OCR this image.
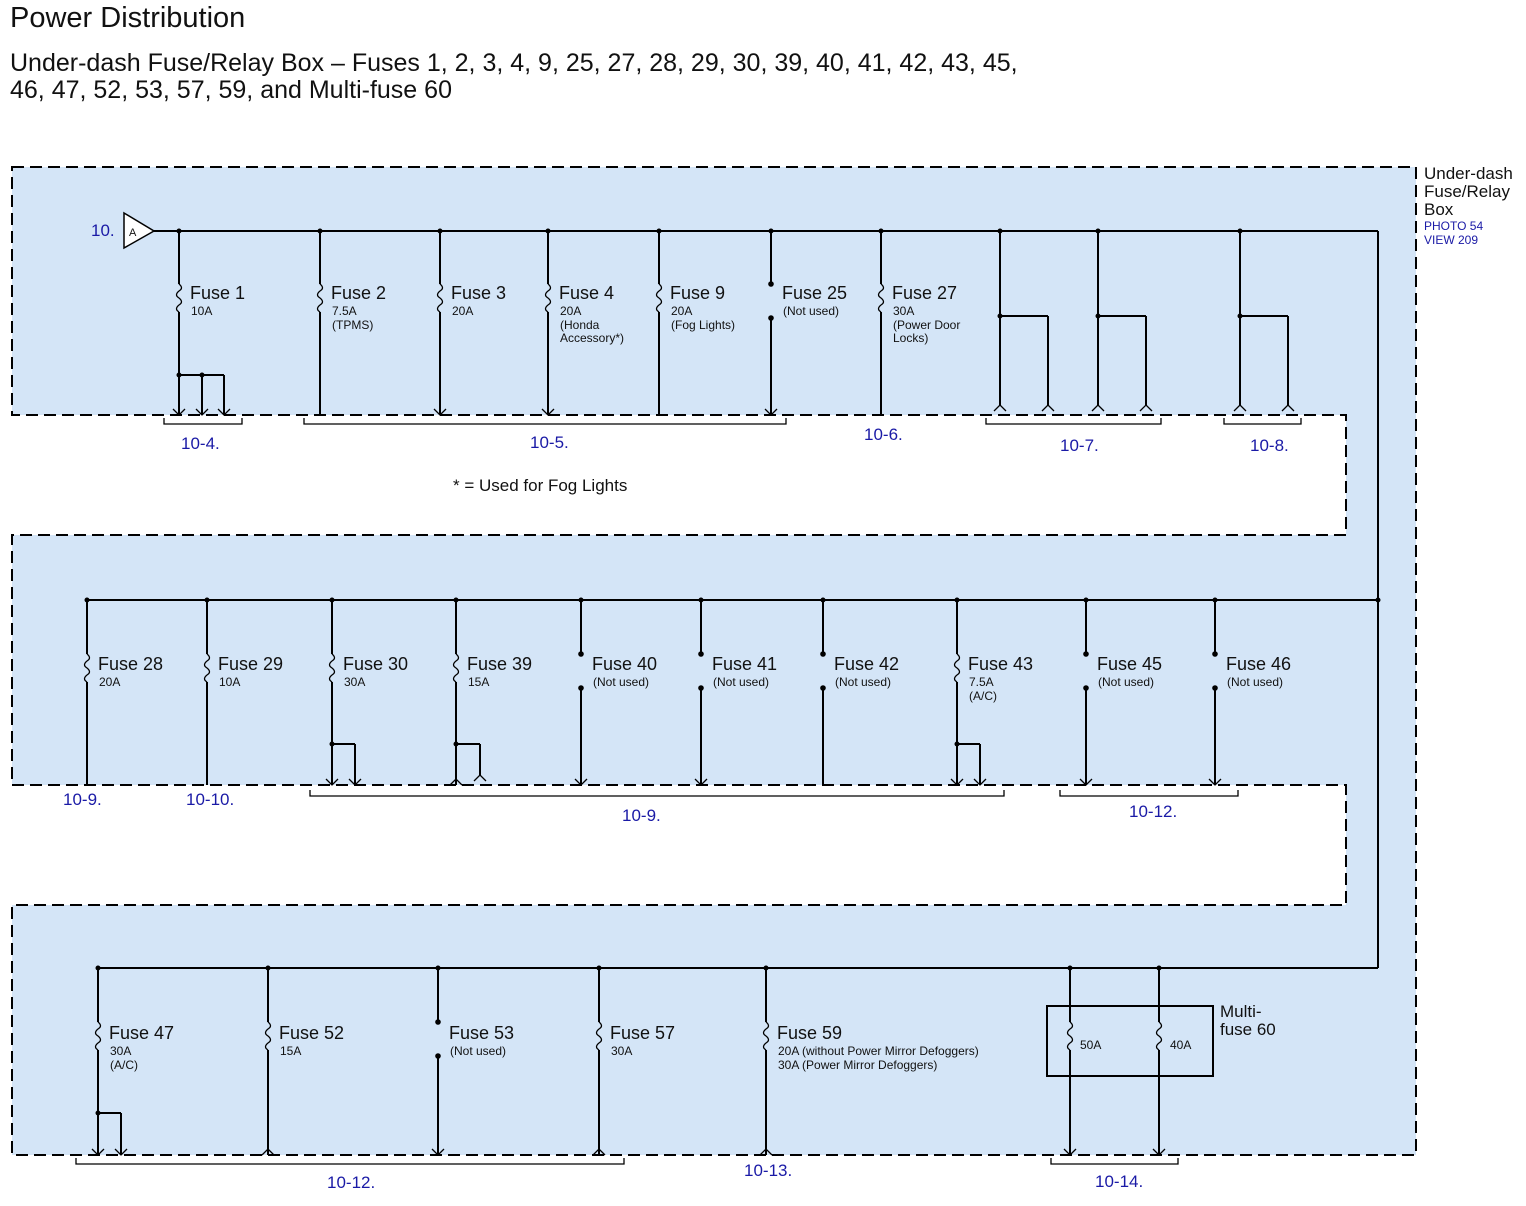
Power Distribution
Under-dash Fuse/Relay Box – Fuses 1, 2, 3, 4, 9, 25, 27, 28, 29, 30, 39, 40, 41, 42, 43, 45,
46, 47, 52, 53, 57, 59, and Multi-fuse 60
Under-dash
Fuse/Relay
Box
PHOTO 54
VIEW 209
10. A
Fuse 1
10A
Fuse 2
7.5A
(TPMS)
Fuse 3
20A
Fuse 4
20A
(Honda
Accessory*)
Fuse 9
20A
(Fog Lights)
Fuse 25
(Not used)
Fuse 27
30A
(Power Door
Locks)
Fuse 28
20A
Fuse 29
10A
Fuse 30
30A
Fuse 39
15A
Fuse 40
(Not used)
Fuse 41
(Not used)
Fuse 42
(Not used)
Fuse 43
7.5A
(A/C)
Fuse 45
(Not used)
Fuse 46
(Not used)
Fuse 47
30A
(A/C)
Fuse 52
15A
Fuse 53
(Not used)
Fuse 57
30A
Fuse 59
20A (without Power Mirror Defoggers)
30A (Power Mirror Defoggers)
50A	40A
Multi-
fuse 60
* = Used for Fog Lights
10-4.	10-5.	10-6.
10-7.	10-8.
10-9.	10-10.
10-9.	10-12.
10-12.
10-13.
10-14.
